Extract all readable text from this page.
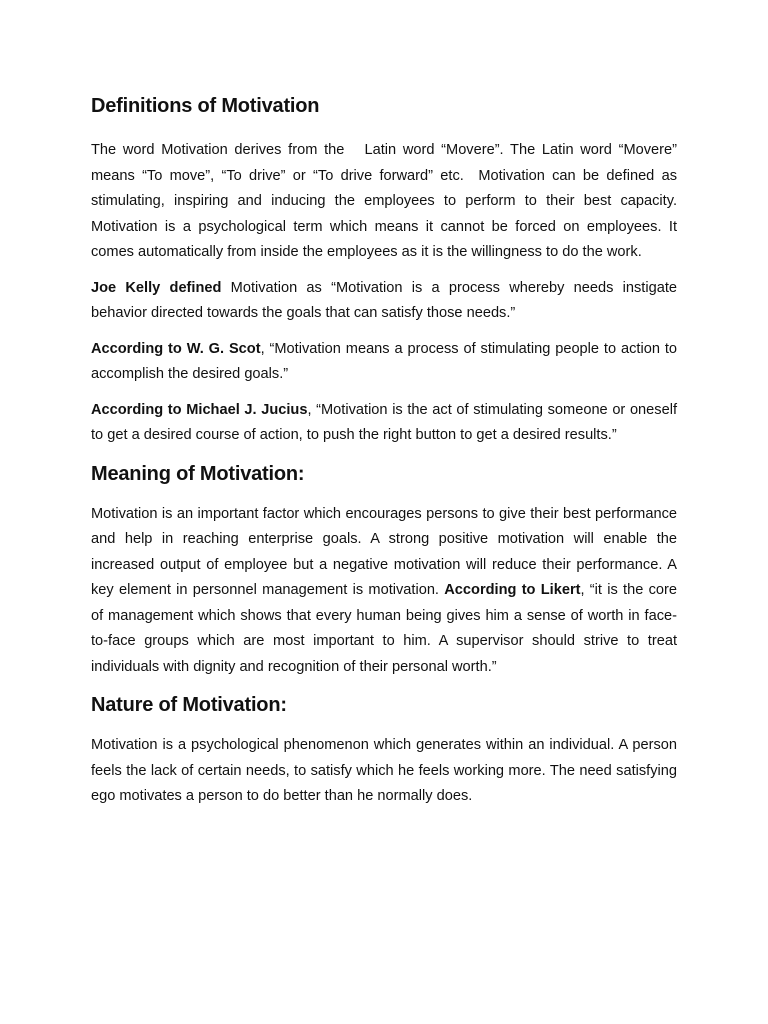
Definitions of Motivation

The word Motivation derives from the   Latin word “Movere”. The Latin word “Movere” means “To move”, “To drive” or “To drive forward” etc.  Motivation can be defined as stimulating, inspiring and inducing the employees to perform to their best capacity. Motivation is a psychological term which means it cannot be forced on employees. It comes automatically from inside the employees as it is the willingness to do the work.

Joe Kelly defined Motivation as “Motivation is a process whereby needs instigate behavior directed towards the goals that can satisfy those needs.”

According to W. G. Scot, “Motivation means a process of stimulating people to action to accomplish the desired goals.”

According to Michael J. Jucius, “Motivation is the act of stimulating someone or oneself to get a desired course of action, to push the right button to get a desired results.”

Meaning of Motivation:

Motivation is an important factor which encourages persons to give their best performance and help in reaching enterprise goals. A strong positive motivation will enable the increased output of employee but a negative motivation will reduce their performance. A key element in personnel management is motivation. According to Likert, “it is the core of management which shows that every human being gives him a sense of worth in face-to-face groups which are most important to him. A supervisor should strive to treat individuals with dignity and recognition of their personal worth.”

Nature of Motivation:

Motivation is a psychological phenomenon which generates within an individual. A person feels the lack of certain needs, to satisfy which he feels working more. The need satisfying ego motivates a person to do better than he normally does.
